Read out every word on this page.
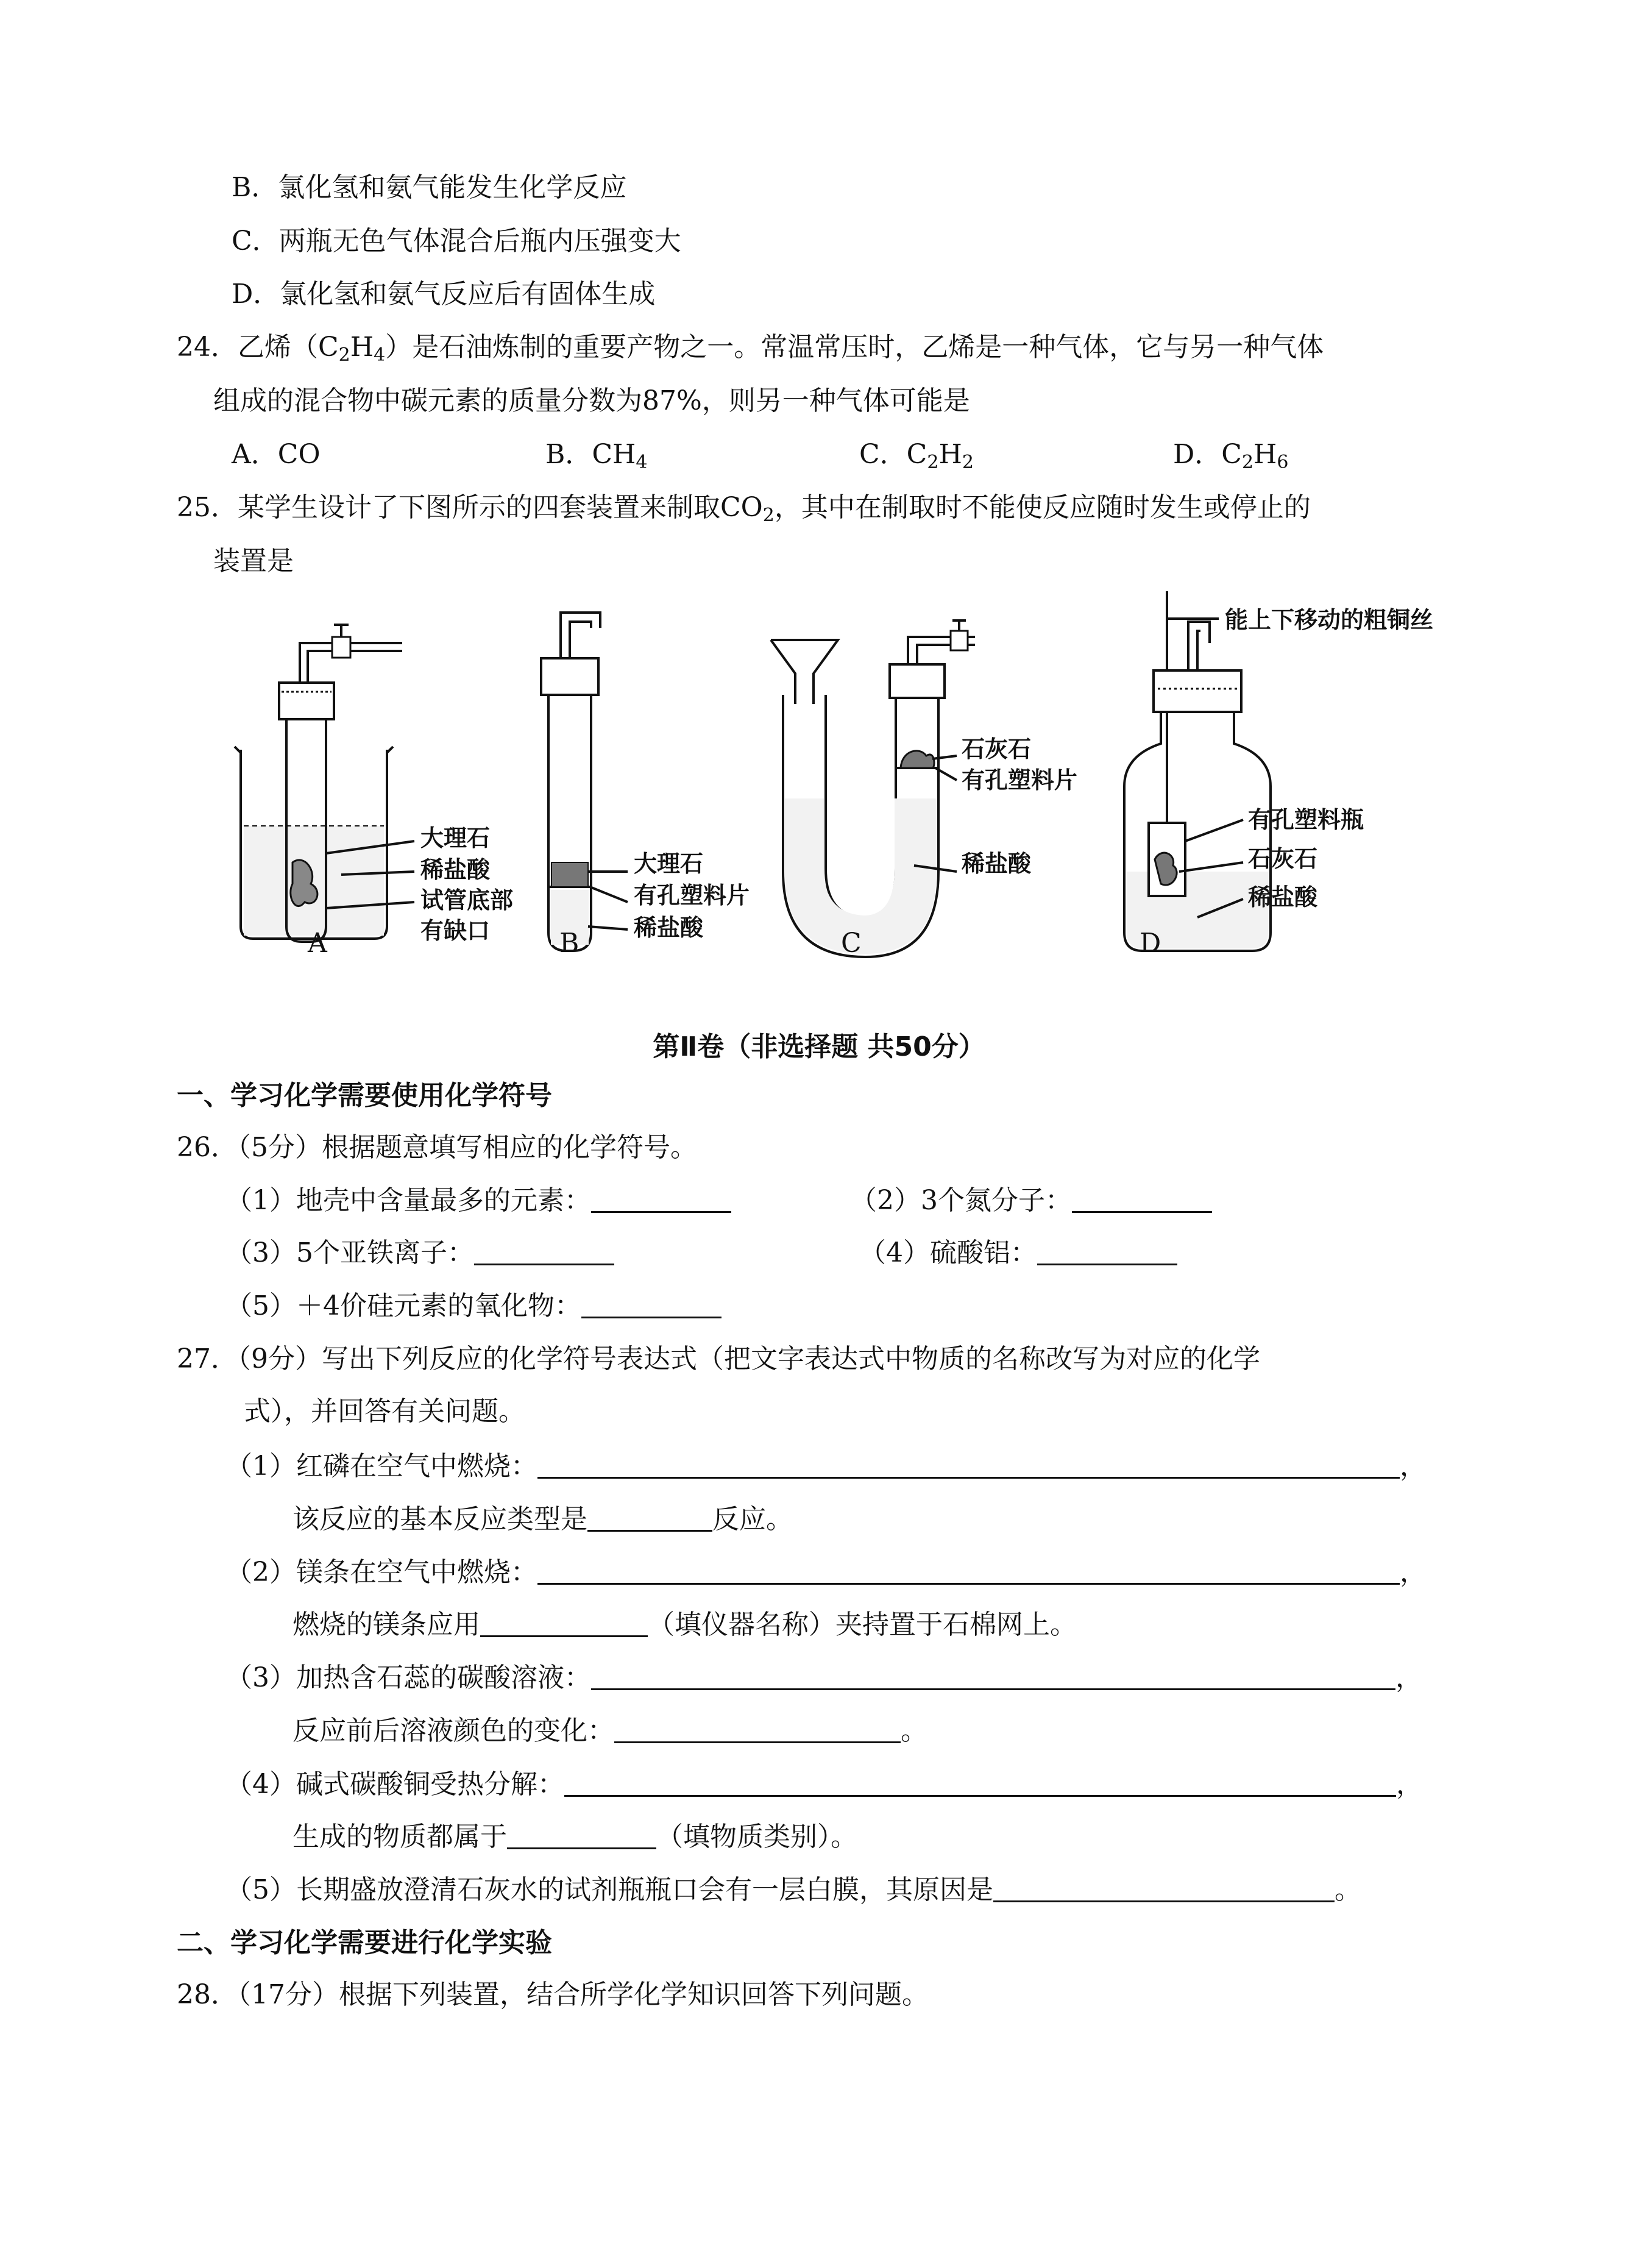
B．氯化氢和氨气能发生化学反应
C．两瓶无色气体混合后瓶内压强变大
D．氯化氢和氨气反应后有固体生成
24．乙烯$(C_2H_4)$是石油炼制的重要产物之一。常温常压时，乙烯是一种气体，它与另一种气体
组成的混合物中碳元素的质量分数为87%，则另一种气体可能是
A．CO	B．$CH_4$	C．$C_2H_2$	D．$C_2H_6$
25．某学生设计了下图所示的四套装置来制取$CO_2$，其中在制取时不能使反应随时发生或停止的
装置是
大理石
稀盐酸
试管底部
有缺口
大理石
有孔塑料片
稀盐酸
石灰石
有孔塑料片
稀盐酸
能上下移动的粗铜丝
有孔塑料瓶
石灰石
稀盐酸
A	B	C	D
第Ⅱ卷（非选择题 共50分）
一、学习化学需要使用化学符号
26．（5分）根据题意填写相应的化学符号。
（1）地壳中含量最多的元素：	（2）3个氮分子：
（3）5个亚铁离子：	（4）硫酸铝：
（5）＋4价硅元素的氧化物：
27．（9分）写出下列反应的化学符号表达式（把文字表达式中物质的名称改写为对应的化学
式），并回答有关问题。
（1）红磷在空气中燃烧：	，
该反应的基本反应类型是	反应。
（2）镁条在空气中燃烧：	，
燃烧的镁条应用	（填仪器名称）夹持置于石棉网上。
（3）加热含石蕊的碳酸溶液：	，
反应前后溶液颜色的变化：	。
（4）碱式碳酸铜受热分解：	，
生成的物质都属于	（填物质类别）。
（5）长期盛放澄清石灰水的试剂瓶瓶口会有一层白膜，其原因是	。
二、学习化学需要进行化学实验
28．（17分）根据下列装置，结合所学化学知识回答下列问题。
